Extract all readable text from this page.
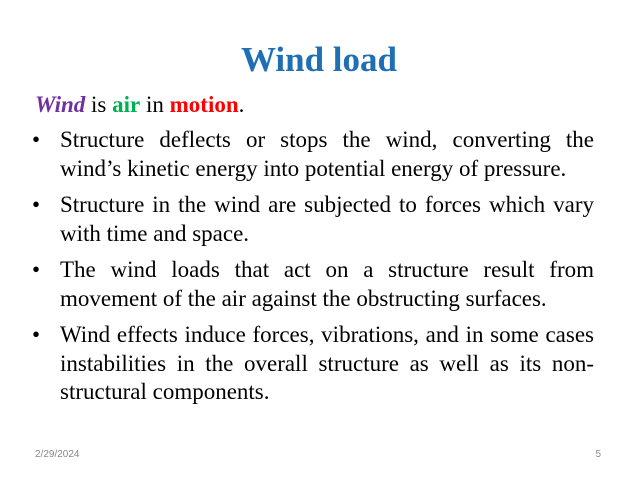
Wind load
Wind is air in motion.
• Structure deflects or stops the wind, converting the wind’s kinetic energy into potential energy of pressure.
• Structure in the wind are subjected to forces which vary with time and space.
• The wind loads that act on a structure result from movement of the air against the obstructing surfaces.
• Wind effects induce forces, vibrations, and in some cases instabilities in the overall structure as well as its non-structural components.
2/29/2024	5
